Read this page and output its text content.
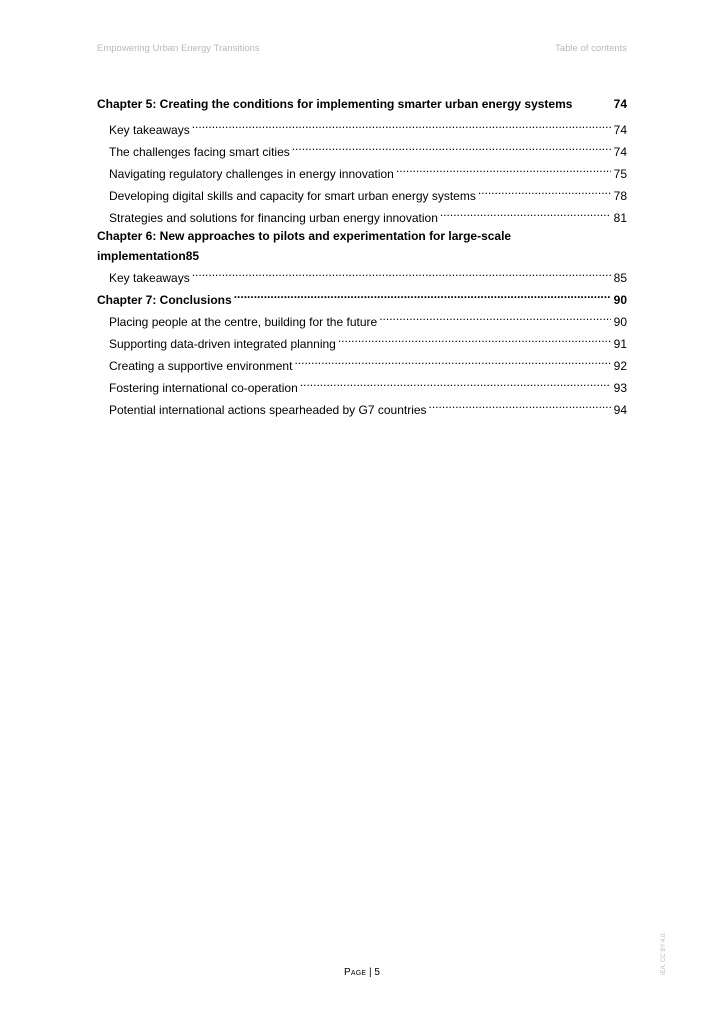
Empowering Urban Energy Transitions	Table of contents
Chapter 5: Creating the conditions for implementing smarter urban energy systems	74
Key takeaways .....	74
The challenges facing smart cities .....	74
Navigating regulatory challenges in energy innovation .....	75
Developing digital skills and capacity for smart urban energy systems .....	78
Strategies and solutions for financing urban energy innovation .....	81
Chapter 6: New approaches to pilots and experimentation for large-scale
implementation 85
Key takeaways .....	85
Chapter 7: Conclusions .....	90
Placing people at the centre, building for the future .....	90
Supporting data-driven integrated planning .....	91
Creating a supportive environment .....	92
Fostering international co-operation .....	93
Potential international actions spearheaded by G7 countries .....	94
Page | 5	IEA. CC BY 4.0.
